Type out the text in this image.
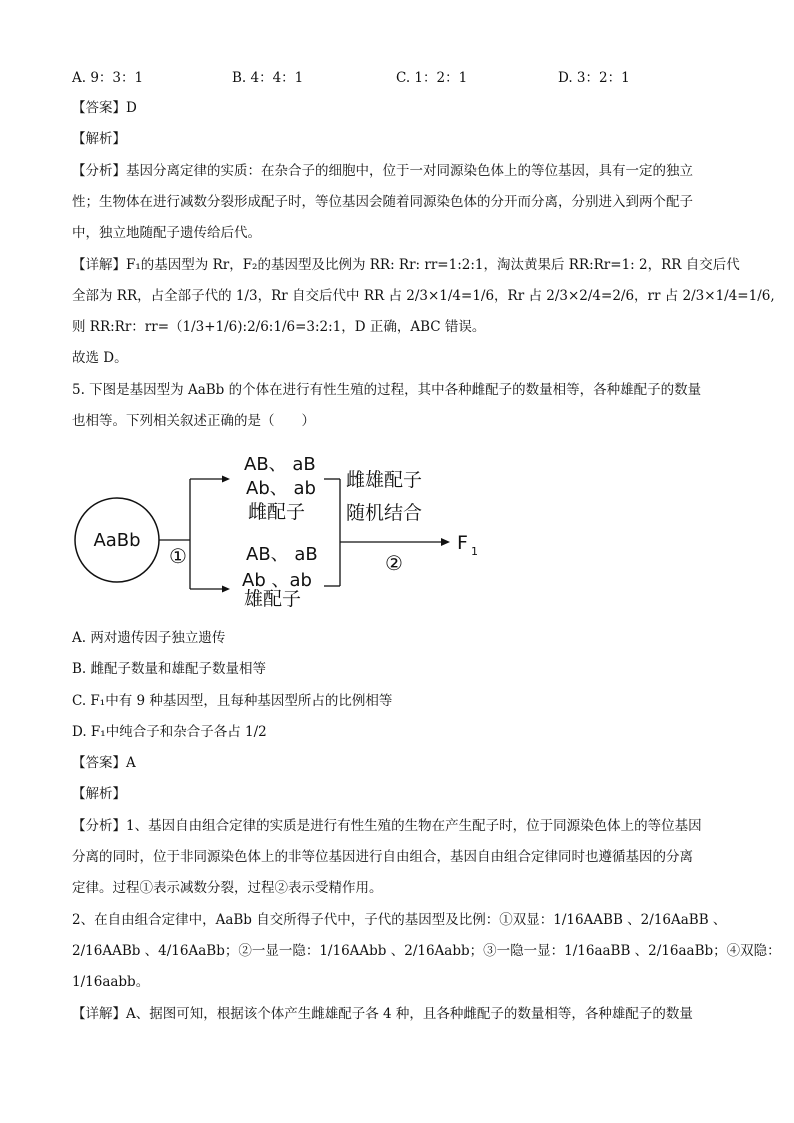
A. 9：3：1	B. 4：4：1	C. 1：2：1	D. 3：2：1
【答案】D
【解析】
【分析】基因分离定律的实质：在杂合子的细胞中，位于一对同源染色体上的等位基因，具有一定的独立
性；生物体在进行减数分裂形成配子时，等位基因会随着同源染色体的分开而分离，分别进入到两个配子
中，独立地随配子遗传给后代。
【详解】F₁的基因型为 Rr，F₂的基因型及比例为 RR: Rr: rr=1:2:1，淘汰黄果后 RR:Rr=1: 2，RR 自交后代
全部为 RR，占全部子代的 1/3，Rr 自交后代中 RR 占 2/3×1/4=1/6，Rr 占 2/3×2/4=2/6，rr 占 2/3×1/4=1/6,
则 RR:Rr：rr=（1/3+1/6):2/6:1/6=3:2:1，D 正确，ABC 错误。
故选 D。
5. 下图是基因型为 AaBb 的个体在进行有性生殖的过程，其中各种雌配子的数量相等，各种雄配子的数量
也相等。下列相关叙述正确的是（　　）
A. 两对遗传因子独立遗传
B. 雌配子数量和雄配子数量相等
C. F₁中有 9 种基因型，且每种基因型所占的比例相等
D. F₁中纯合子和杂合子各占 1/2
【答案】A
【解析】
【分析】1、基因自由组合定律的实质是进行有性生殖的生物在产生配子时，位于同源染色体上的等位基因
分离的同时，位于非同源染色体上的非等位基因进行自由组合，基因自由组合定律同时也遵循基因的分离
定律。过程①表示减数分裂，过程②表示受精作用。
2、在自由组合定律中，AaBb 自交所得子代中，子代的基因型及比例：①双显：1/16AABB 、2/16AaBB 、
2/16AABb 、4/16AaBb；②一显一隐：1/16AAbb 、2/16Aabb；③一隐一显：1/16aaBB 、2/16aaBb；④双隐：
1/16aabb。
【详解】A、据图可知，根据该个体产生雌雄配子各 4 种，且各种雌配子的数量相等，各种雄配子的数量
AaBb
①
AB、 aB
Ab、 ab
雌配子
AB、 aB
Ab 、ab
雄配子
雌雄配子
随机结合
②
F 1
